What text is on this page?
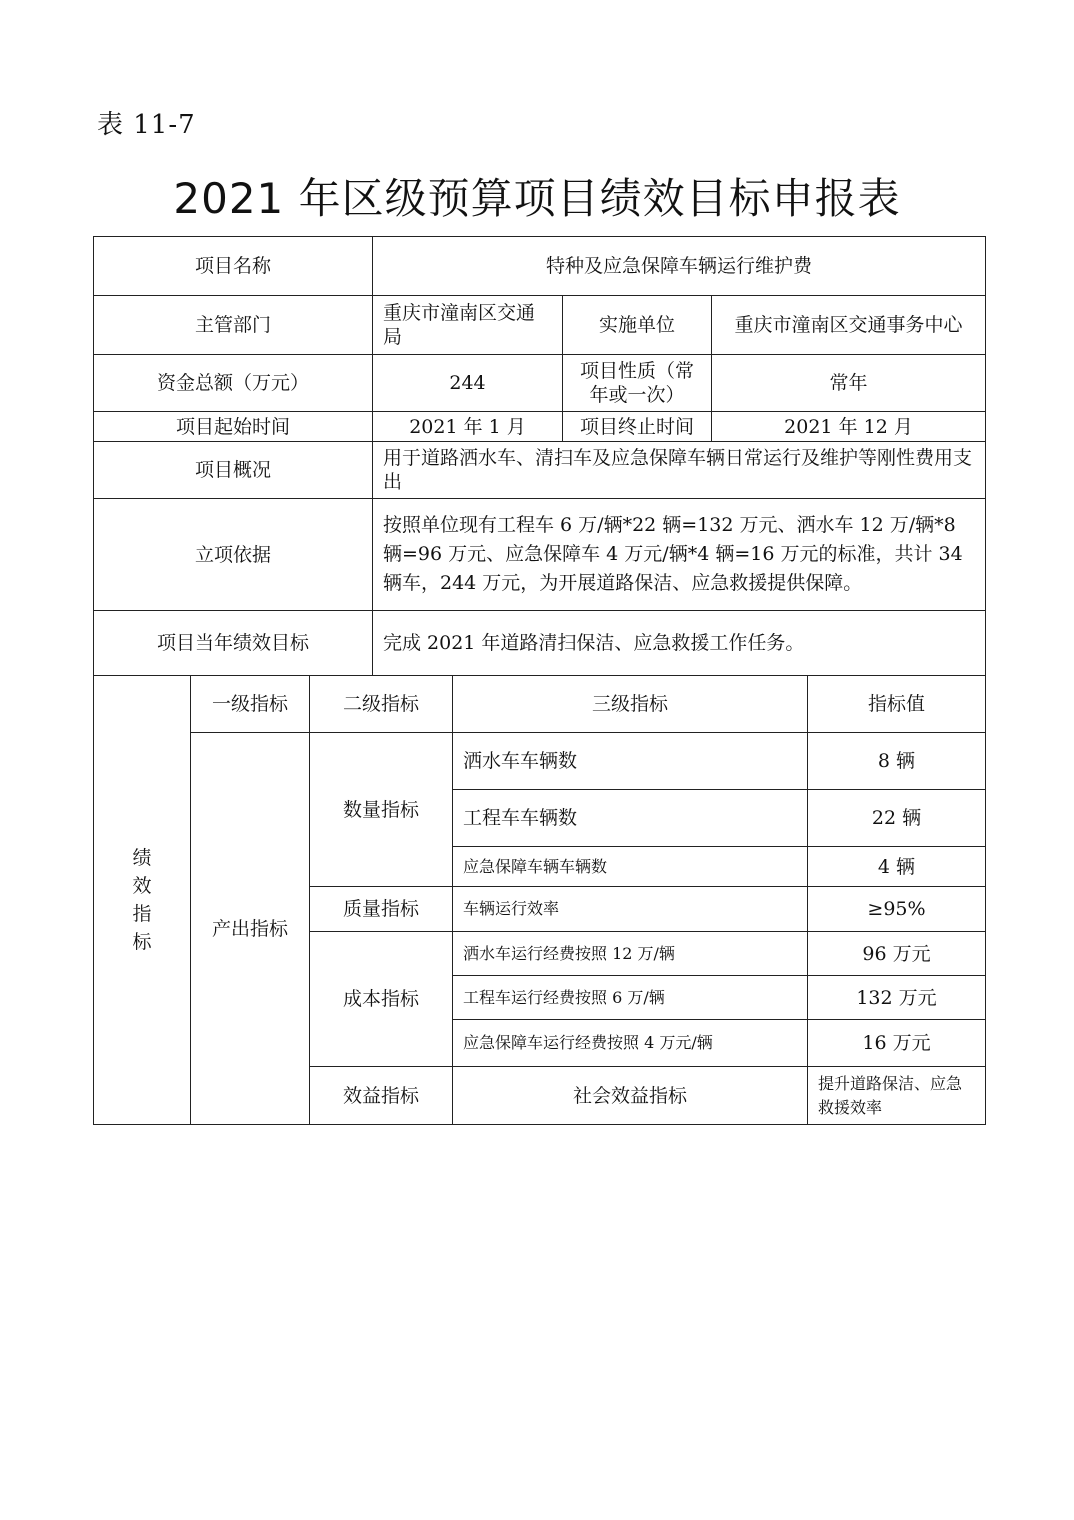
表 11-7
2021 年区级预算项目绩效目标申报表
项目名称	特种及应急保障车辆运行维护费		
主管部门	重庆市潼南区交通局	实施单位	重庆市潼南区交通事务中心
资金总额（万元）	244	项目性质（常年或一次）	常年
项目起始时间	2021 年 1 月	项目终止时间	2021 年 12 月
项目概况	用于道路洒水车、清扫车及应急保障车辆日常运行及维护等刚性费用支出		
立项依据	按照单位现有工程车 6 万/辆*22 辆=132 万元、洒水车 12 万/辆*8 辆=96 万元、应急保障车 4 万元/辆*4 辆=16 万元的标准，共计 34 辆车，244 万元，为开展道路保洁、应急救援提供保障。		
项目当年绩效目标	完成 2021 年道路清扫保洁、应急救援工作任务。		
绩
效
指
标	一级指标	二级指标	三级指标	指标值	
	产出指标	数量指标	洒水车车辆数	8 辆	
			工程车车辆数	22 辆	
			应急保障车辆车辆数	4 辆	
		质量指标	车辆运行效率	≥95%	
		成本指标	洒水车运行经费按照 12 万/辆	96 万元	
			工程车运行经费按照 6 万/辆	132 万元	
			应急保障车运行经费按照 4 万元/辆	16 万元	
		效益指标	社会效益指标	提升道路保洁、应急救援效率	
